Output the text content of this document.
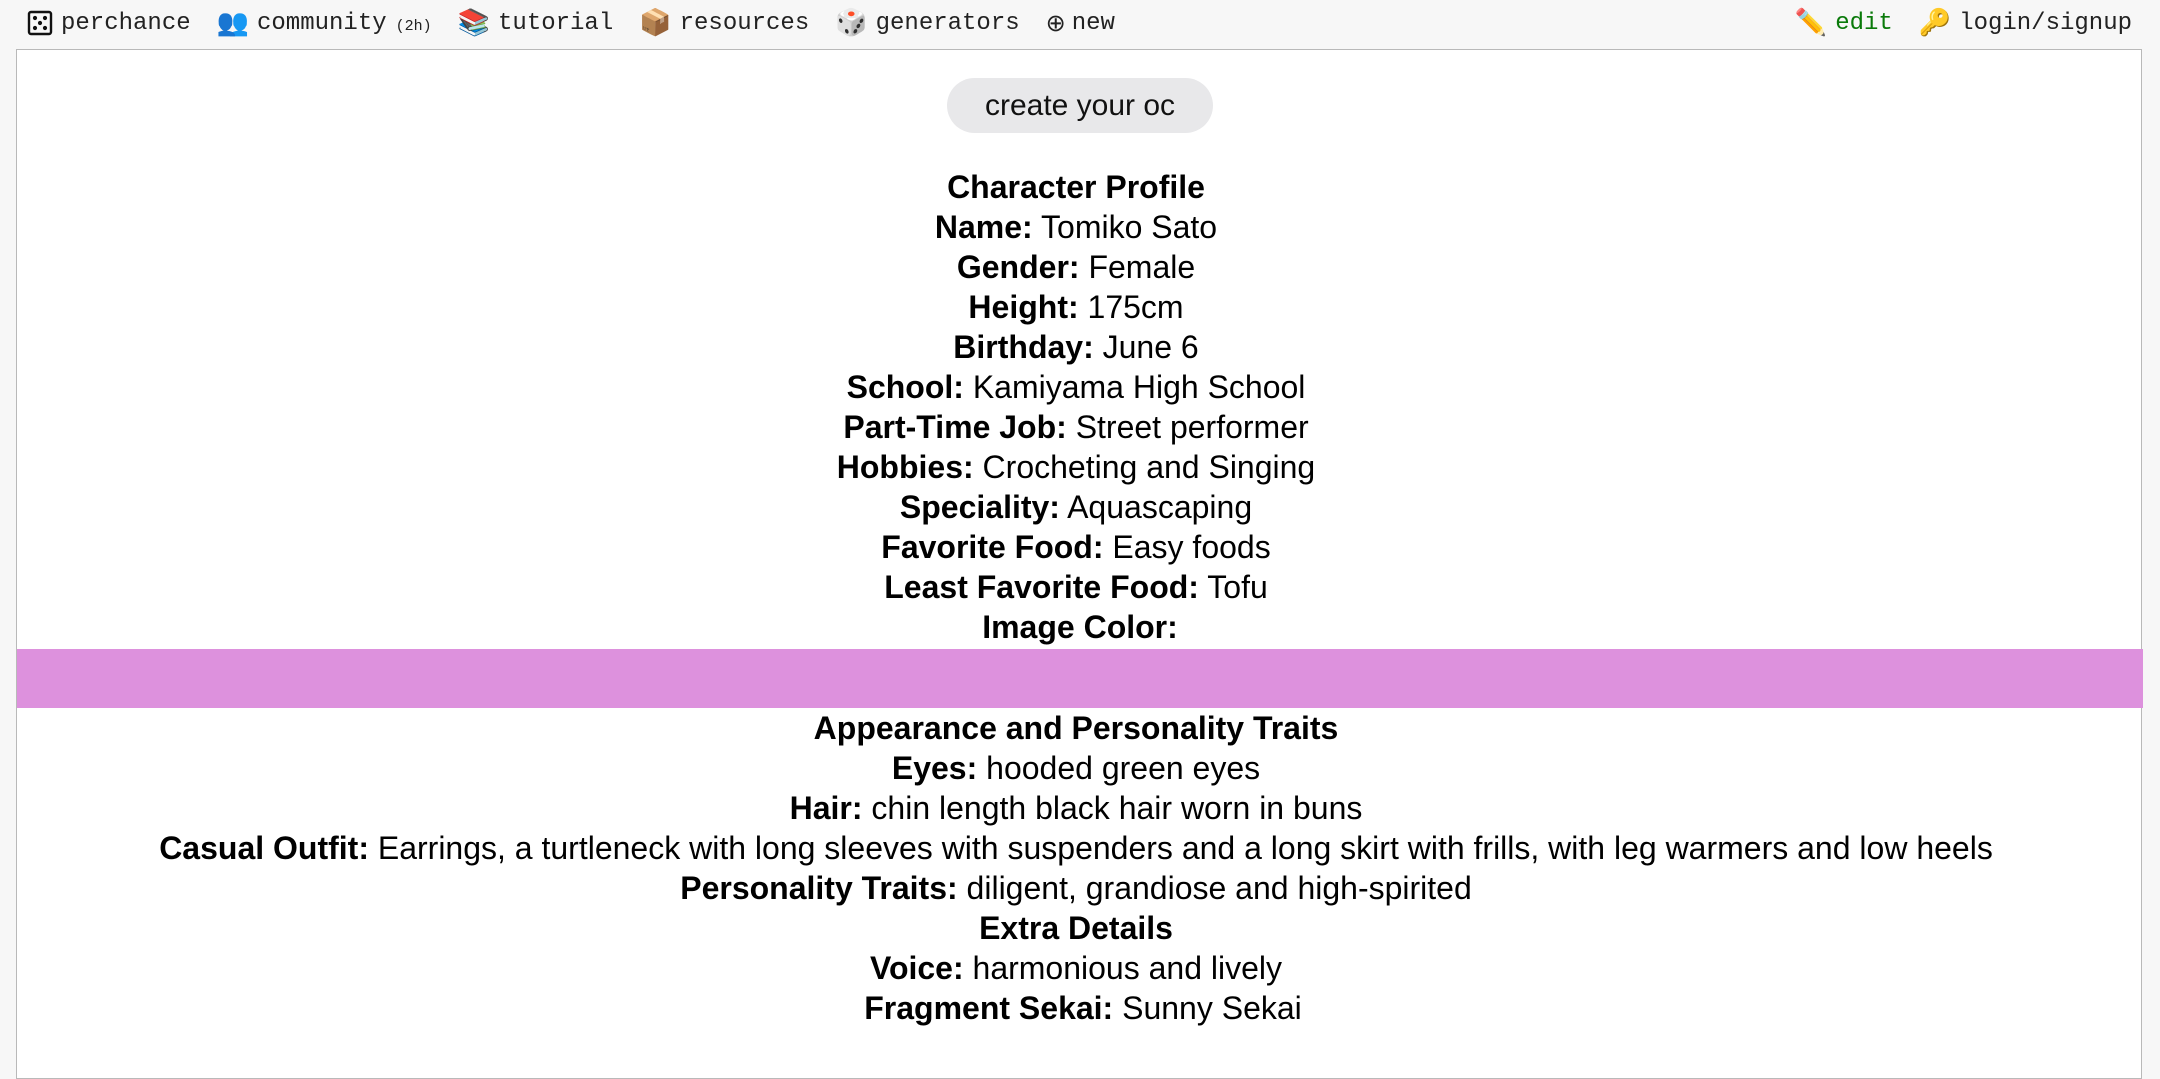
perchance 👥 community (2h) 📚 tutorial 📦 resources 🎲 generators ⊕ new	✏️ edit 🔑 login/signup
create your oc
Character Profile
Name: Tomiko Sato
Gender: Female
Height: 175cm
Birthday: June 6
School: Kamiyama High School
Part-Time Job: Street performer
Hobbies: Crocheting and Singing
Speciality: Aquascaping
Favorite Food: Easy foods
Least Favorite Food: Tofu
Image Color:
Appearance and Personality Traits
Eyes: hooded green eyes
Hair: chin length black hair worn in buns
Casual Outfit: Earrings, a turtleneck with long sleeves with suspenders and a long skirt with frills, with leg warmers and low heels
Personality Traits: diligent, grandiose and high-spirited
Extra Details
Voice: harmonious and lively
Fragment Sekai: Sunny Sekai
